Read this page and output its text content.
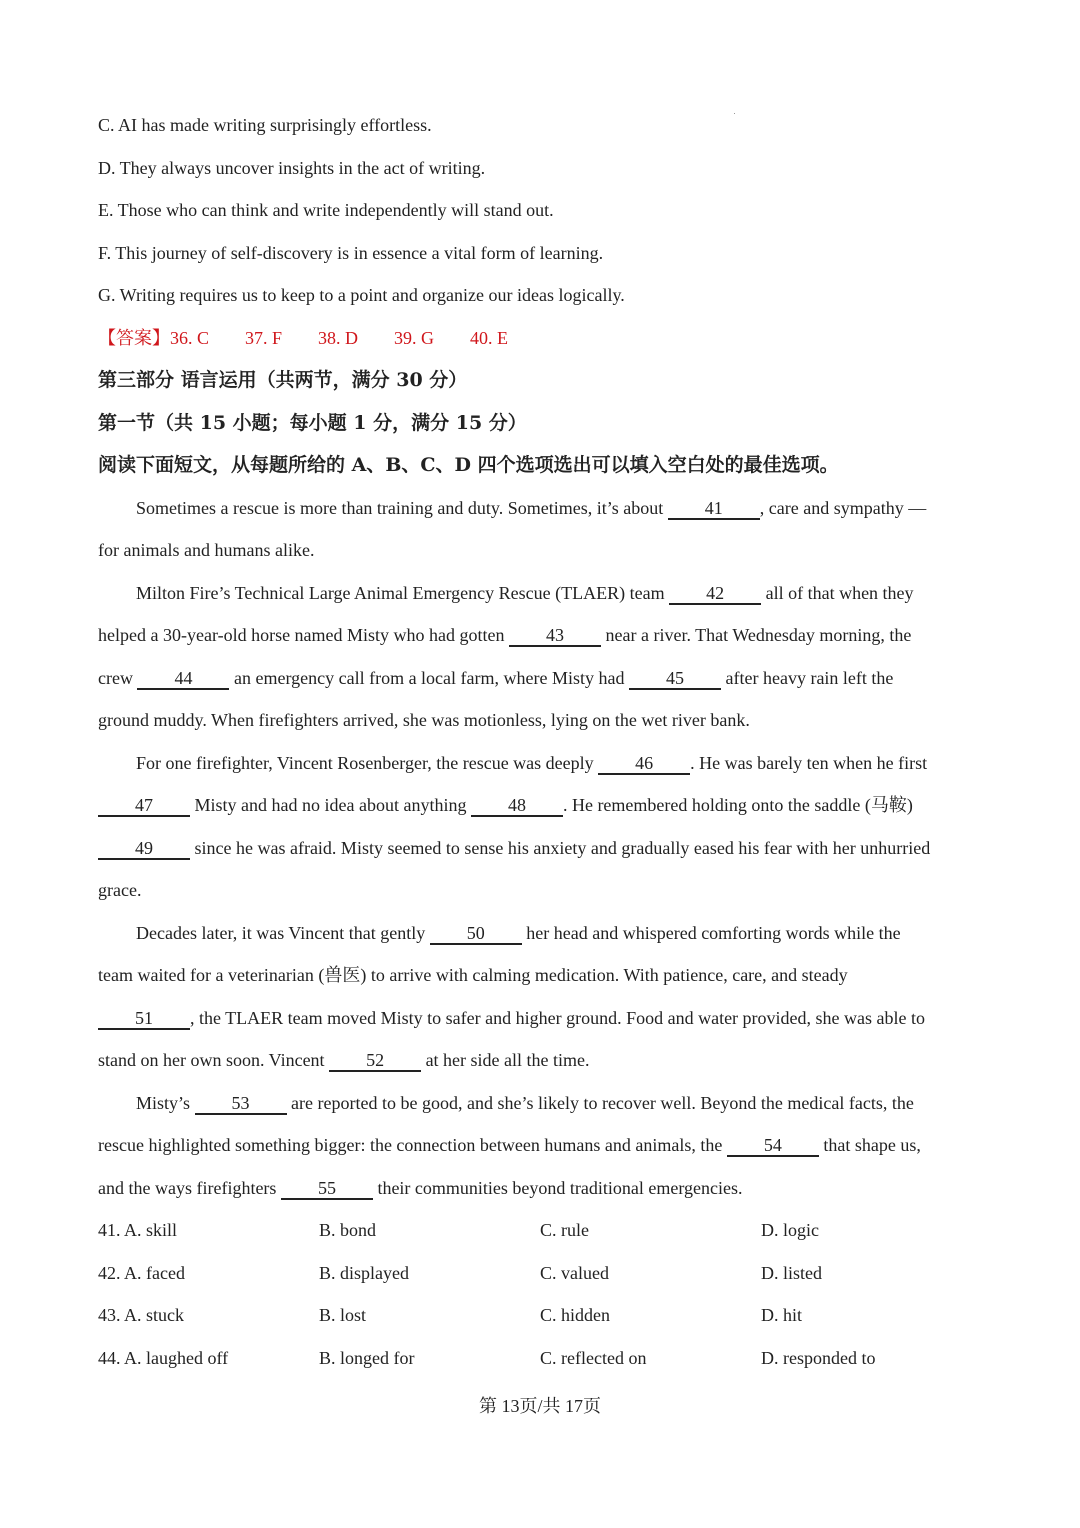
C. AI has made writing surprisingly effortless.
D. They always uncover insights in the act of writing.
E. Those who can think and write independently will stand out.
F. This journey of self-discovery is in essence a vital form of learning.
G. Writing requires us to keep to a point and organize our ideas logically.
【答案】36. C 37. F 38. D 39. G 40. E
第三部分 语言运用（共两节，满分 30 分）
第一节（共 15 小题；每小题 1 分，满分 15 分）
阅读下面短文，从每题所给的 A、B、C、D 四个选项选出可以填入空白处的最佳选项。
Sometimes a rescue is more than training and duty. Sometimes, it’s about 41 , care and sympathy —
for animals and humans alike.
Milton Fire’s Technical Large Animal Emergency Rescue (TLAER) team 42 all of that when they
helped a 30-year-old horse named Misty who had gotten 43 near a river. That Wednesday morning, the
crew 44 an emergency call from a local farm, where Misty had 45 after heavy rain left the
ground muddy. When firefighters arrived, she was motionless, lying on the wet river bank.
For one firefighter, Vincent Rosenberger, the rescue was deeply 46 . He was barely ten when he first
47 Misty and had no idea about anything 48 . He remembered holding onto the saddle (马鞍)
49 since he was afraid. Misty seemed to sense his anxiety and gradually eased his fear with her unhurried
grace.
Decades later, it was Vincent that gently 50 her head and whispered comforting words while the
team waited for a veterinarian (兽医) to arrive with calming medication. With patience, care, and steady
51 , the TLAER team moved Misty to safer and higher ground. Food and water provided, she was able to
stand on her own soon. Vincent 52 at her side all the time.
Misty’s 53 are reported to be good, and she’s likely to recover well. Beyond the medical facts, the
rescue highlighted something bigger: the connection between humans and animals, the 54 that shape us,
and the ways firefighters 55 their communities beyond traditional emergencies.
41. A. skill	B. bond	C. rule	D. logic
42. A. faced	B. displayed	C. valued	D. listed
43. A. stuck	B. lost	C. hidden	D. hit
44. A. laughed off	B. longed for	C. reflected on	D. responded to
第 13页/共 17页
